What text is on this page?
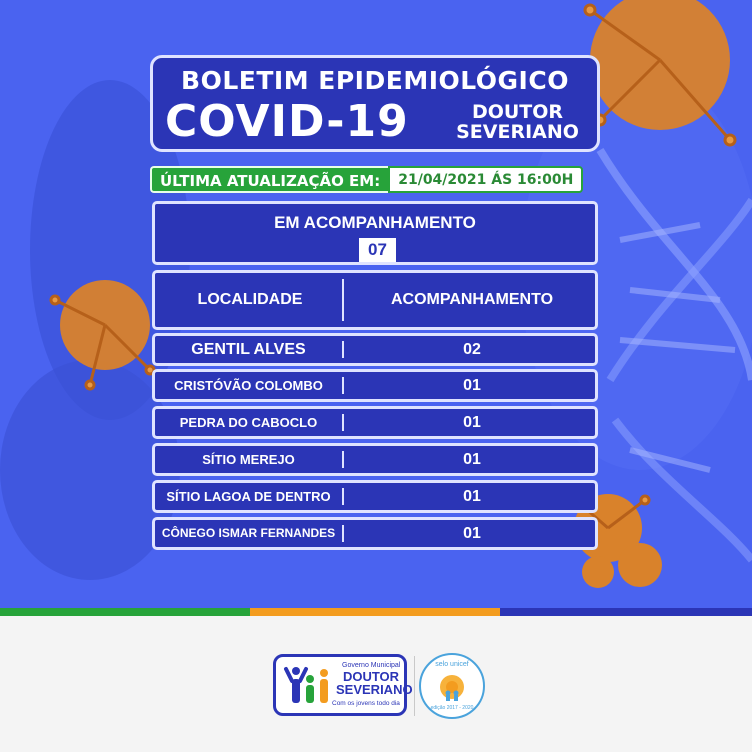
BOLETIM EPIDEMIOLÓGICO
COVID-19	DOUTOR
SEVERIANO
ÚLTIMA ATUALIZAÇÃO EM:	21/04/2021 ÁS 16:00H
EM ACOMPANHAMENTO
07
LOCALIDADE	ACOMPANHAMENTO
GENTIL ALVES	02
CRISTÓVÃO COLOMBO	01
PEDRA DO CABOCLO	01
SÍTIO MEREJO	01
SÍTIO LAGOA DE DENTRO	01
CÔNEGO ISMAR FERNANDES	01
Governo Municipal
DOUTOR
SEVERIANO
Com os jovens todo dia
selo unicef
edição 2017 - 2020
